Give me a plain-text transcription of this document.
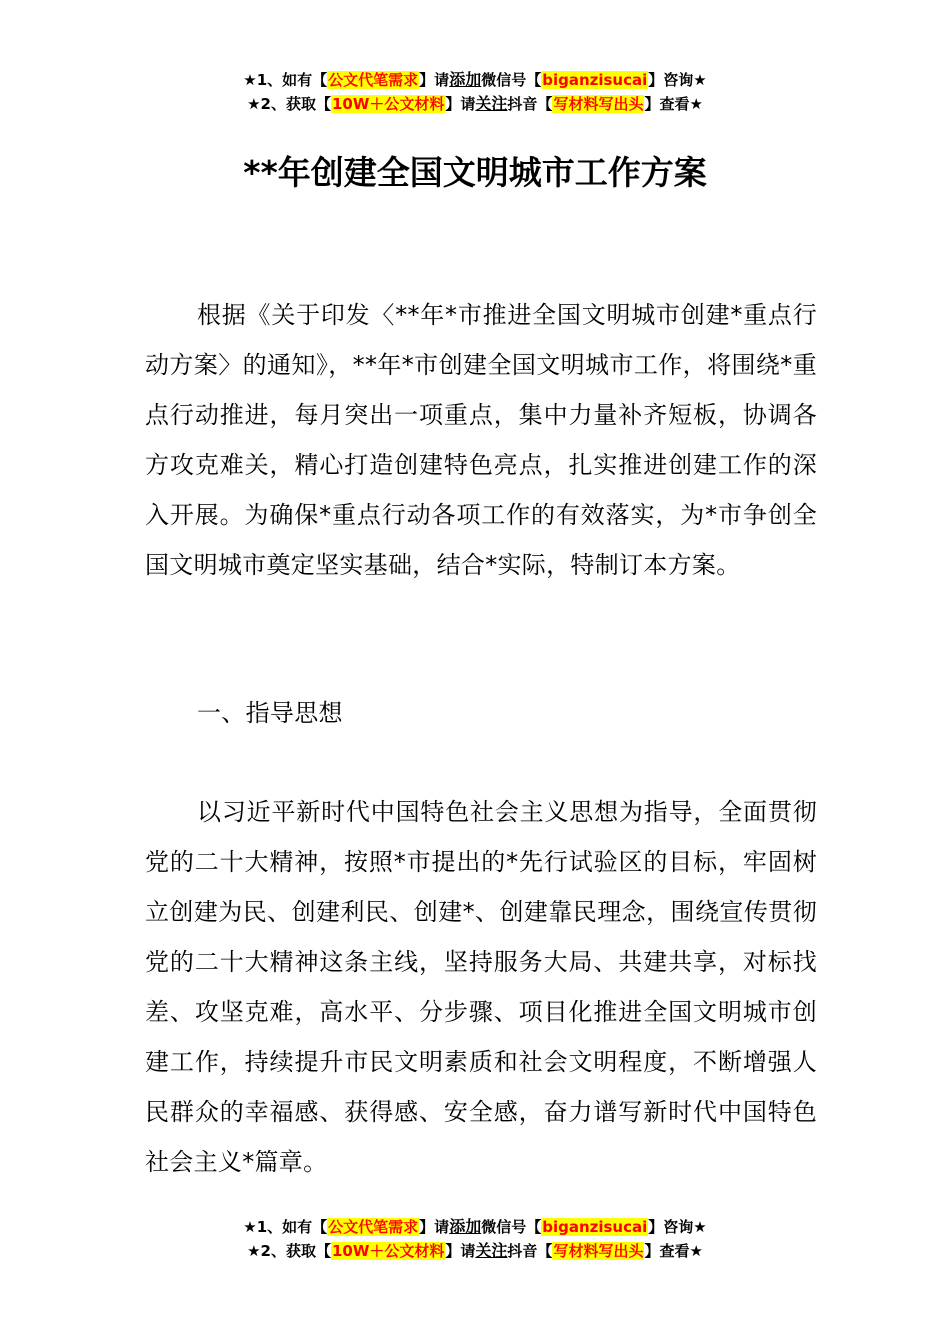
★1、如有【公文代笔需求】请添加微信号【biganzisucai】咨询★
★2、获取【10W＋公文材料】请关注抖音【写材料写出头】查看★
**年创建全国文明城市工作方案

根据《关于印发〈**年*市推进全国文明城市创建*重点行动方案〉的通知》，**年*市创建全国文明城市工作，将围绕*重点行动推进，每月突出一项重点，集中力量补齐短板，协调各方攻克难关，精心打造创建特色亮点，扎实推进创建工作的深入开展。为确保*重点行动各项工作的有效落实，为*市争创全国文明城市奠定坚实基础，结合*实际，特制订本方案。

一、指导思想

以习近平新时代中国特色社会主义思想为指导，全面贯彻党的二十大精神，按照*市提出的*先行试验区的目标，牢固树立创建为民、创建利民、创建*、创建靠民理念，围绕宣传贯彻党的二十大精神这条主线，坚持服务大局、共建共享，对标找差、攻坚克难，高水平、分步骤、项目化推进全国文明城市创建工作，持续提升市民文明素质和社会文明程度，不断增强人民群众的幸福感、获得感、安全感，奋力谱写新时代中国特色社会主义*篇章。

★1、如有【公文代笔需求】请添加微信号【biganzisucai】咨询★
★2、获取【10W＋公文材料】请关注抖音【写材料写出头】查看★
